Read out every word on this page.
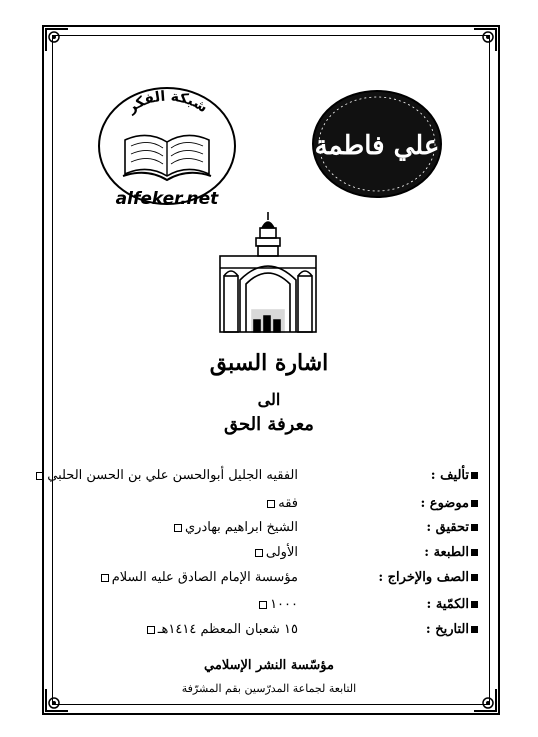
شبكة الفكر
alfeker.net
علي فاطمة
اشارة السبق
الى
معرفة الحق
تأليف :
الفقيه الجليل أبوالحسن علي بن الحسن الحلبي
موضوع :
فقه
تحقيق :
الشيخ ابراهيم بهادري
الطبعة :
الأولى
الصف والإخراج :
مؤسسة الإمام الصادق عليه السلام
الكمّية :
١٠٠٠
التاريخ :
١٥ شعبان المعظم ١٤١٤هـ
مؤسّسة النشر الإسلامي
التابعة لجماعة المدرّسين بقم المشرّفة
